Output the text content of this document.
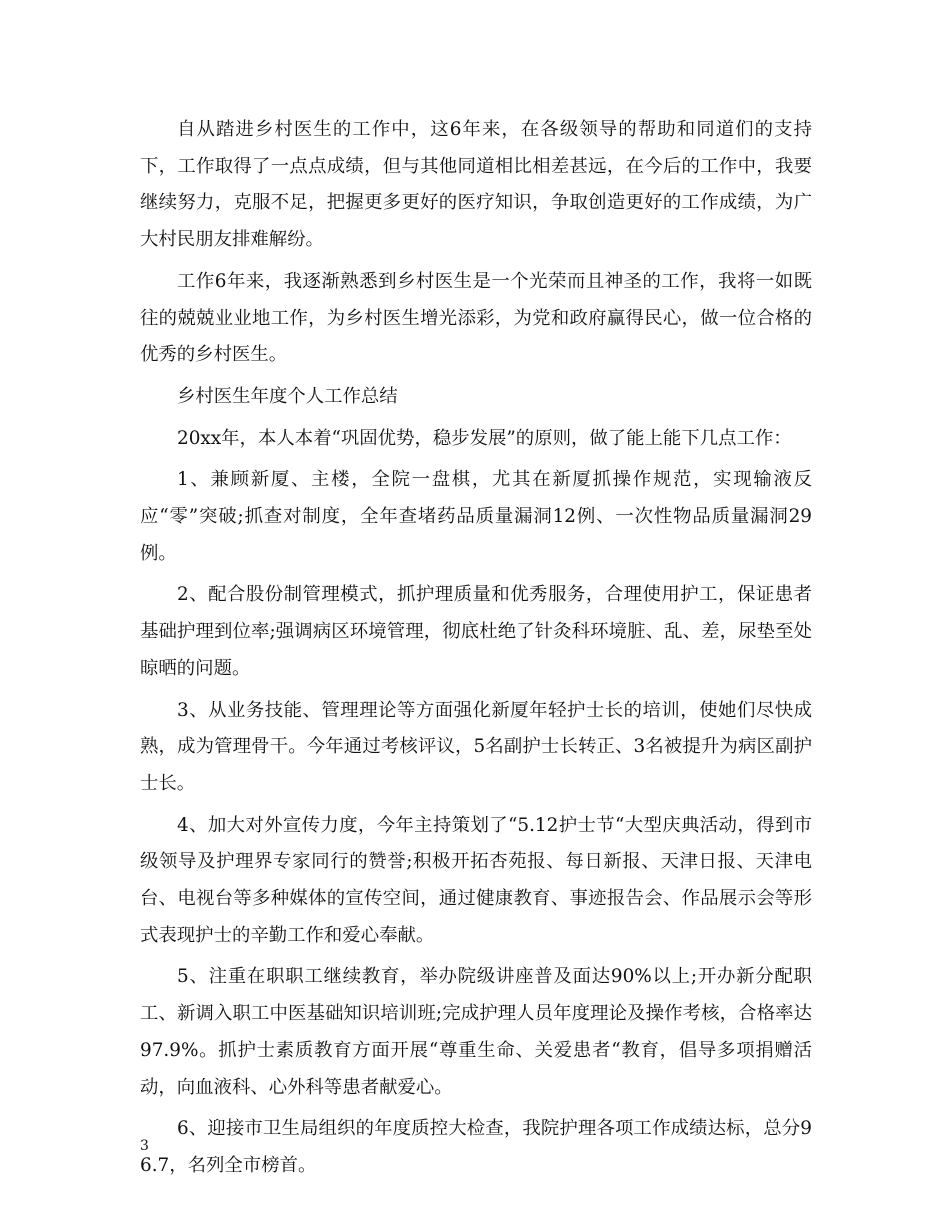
自从踏进乡村医生的工作中，这6年来，在各级领导的帮助和同道们的支持下，工作取得了一点点成绩，但与其他同道相比相差甚远，在今后的工作中，我要继续努力，克服不足，把握更多更好的医疗知识，争取创造更好的工作成绩，为广大村民朋友排难解纷。

工作6年来，我逐渐熟悉到乡村医生是一个光荣而且神圣的工作，我将一如既往的兢兢业业地工作，为乡村医生增光添彩，为党和政府赢得民心，做一位合格的优秀的乡村医生。

乡村医生年度个人工作总结

20xx年，本人本着“巩固优势，稳步发展”的原则，做了能上能下几点工作：

1、兼顾新厦、主楼，全院一盘棋，尤其在新厦抓操作规范，实现输液反应“零”突破;抓查对制度，全年查堵药品质量漏洞12例、一次性物品质量漏洞29例。

2、配合股份制管理模式，抓护理质量和优秀服务，合理使用护工，保证患者基础护理到位率;强调病区环境管理，彻底杜绝了针灸科环境脏、乱、差，尿垫至处晾晒的问题。

3、从业务技能、管理理论等方面强化新厦年轻护士长的培训，使她们尽快成熟，成为管理骨干。今年通过考核评议，5名副护士长转正、3名被提升为病区副护士长。

4、加大对外宣传力度，今年主持策划了“5.12护士节“大型庆典活动，得到市级领导及护理界专家同行的赞誉;积极开拓杏苑报、每日新报、天津日报、天津电台、电视台等多种媒体的宣传空间，通过健康教育、事迹报告会、作品展示会等形式表现护士的辛勤工作和爱心奉献。

5、注重在职职工继续教育，举办院级讲座普及面达90%以上;开办新分配职工、新调入职工中医基础知识培训班;完成护理人员年度理论及操作考核，合格率达97.9%。抓护士素质教育方面开展“尊重生命、关爱患者“教育，倡导多项捐赠活动，向血液科、心外科等患者献爱心。

6、迎接市卫生局组织的年度质控大检查，我院护理各项工作成绩达标，总分96.7，名列全市榜首。

3
